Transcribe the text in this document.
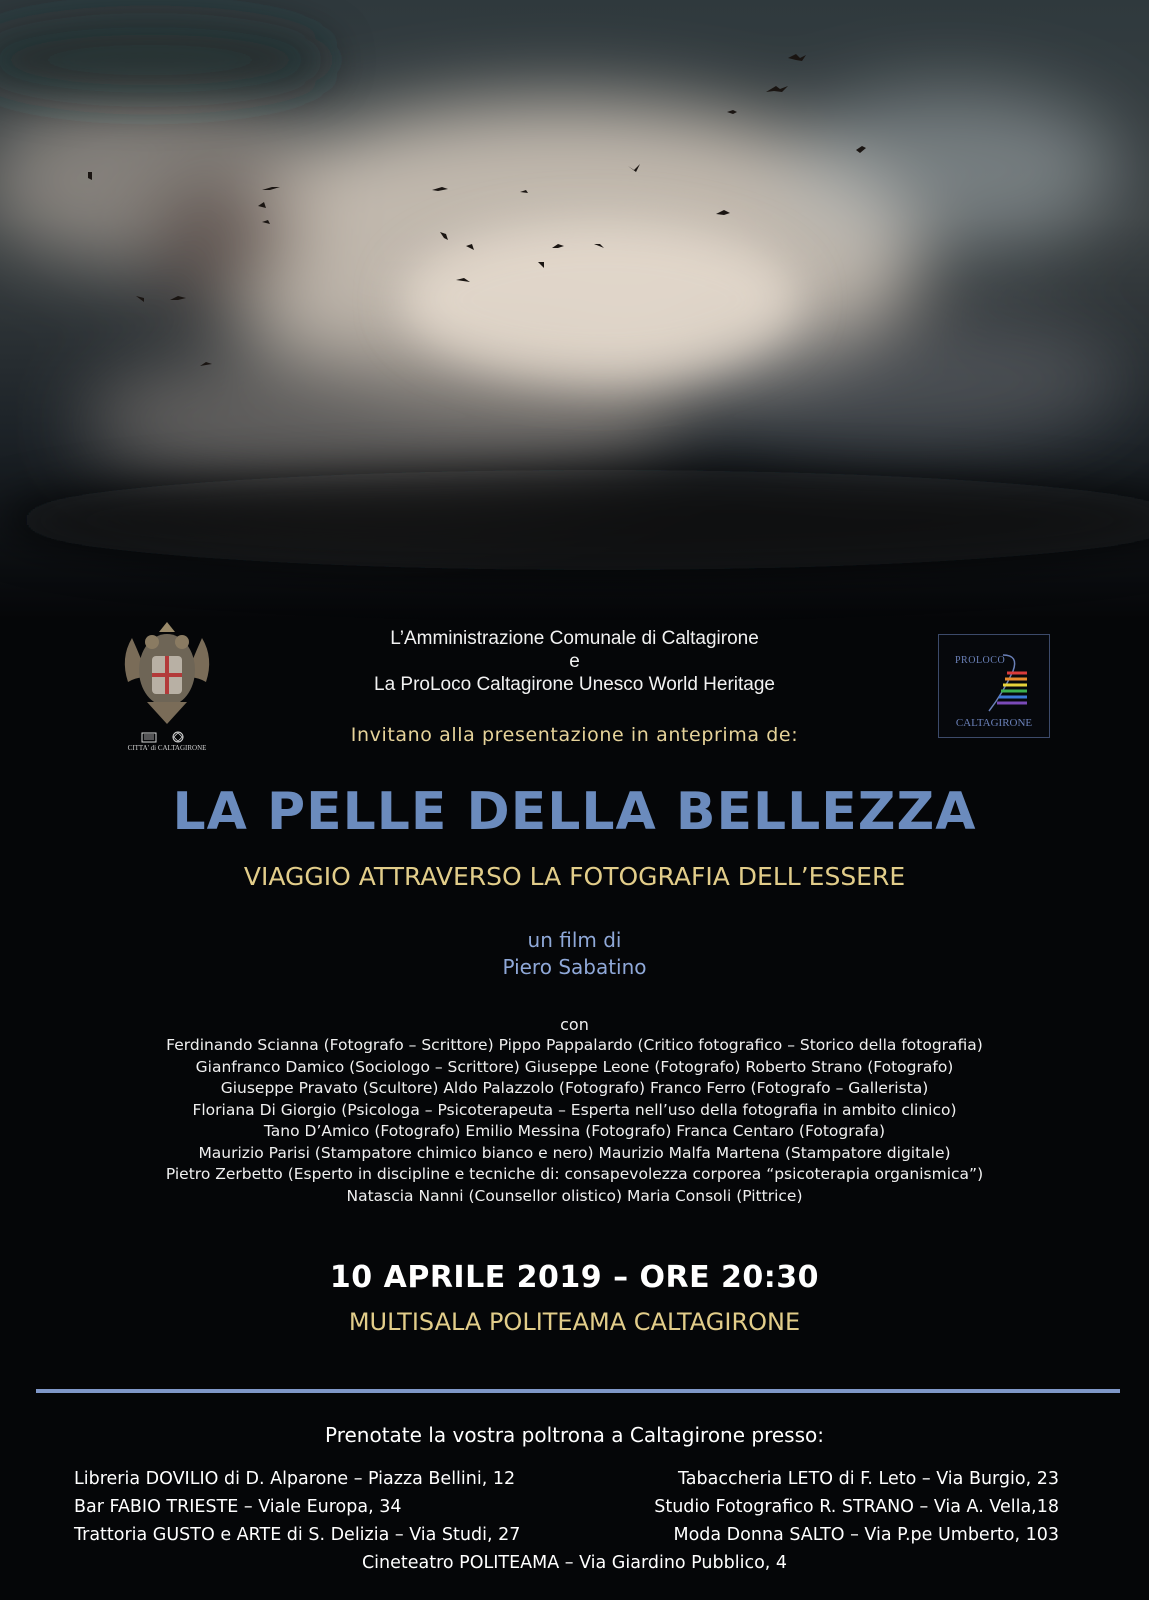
CITTA' di CALTAGIRONE
PROLOCO
CALTAGIRONE
L’Amministrazione Comunale di Caltagirone
e
La ProLoco Caltagirone Unesco World Heritage
Invitano alla presentazione in anteprima de:
LA PELLE DELLA BELLEZZA
VIAGGIO ATTRAVERSO LA FOTOGRAFIA DELL’ESSERE
un film di
Piero Sabatino
con
Ferdinando Scianna (Fotografo – Scrittore) Pippo Pappalardo (Critico fotografico – Storico della fotografia)
Gianfranco Damico (Sociologo – Scrittore) Giuseppe Leone (Fotografo) Roberto Strano (Fotografo)
Giuseppe Pravato (Scultore) Aldo Palazzolo (Fotografo) Franco Ferro (Fotografo – Gallerista)
Floriana Di Giorgio (Psicologa – Psicoterapeuta – Esperta nell’uso della fotografia in ambito clinico)
Tano D’Amico (Fotografo) Emilio Messina (Fotografo) Franca Centaro (Fotografa)
Maurizio Parisi (Stampatore chimico bianco e nero) Maurizio Malfa Martena (Stampatore digitale)
Pietro Zerbetto (Esperto in discipline e tecniche di: consapevolezza corporea “psicoterapia organismica”)
Natascia Nanni (Counsellor olistico) Maria Consoli (Pittrice)
10 APRILE 2019 – ORE 20:30
MULTISALA POLITEAMA CALTAGIRONE
Prenotate la vostra poltrona a Caltagirone presso:
Libreria DOVILIO di D. Alparone – Piazza Bellini, 12
Bar FABIO TRIESTE – Viale Europa, 34
Trattoria GUSTO e ARTE di S. Delizia – Via Studi, 27
Tabaccheria LETO di F. Leto – Via Burgio, 23
Studio Fotografico R. STRANO – Via A. Vella,18
Moda Donna SALTO – Via P.pe Umberto, 103
Cineteatro POLITEAMA – Via Giardino Pubblico, 4
